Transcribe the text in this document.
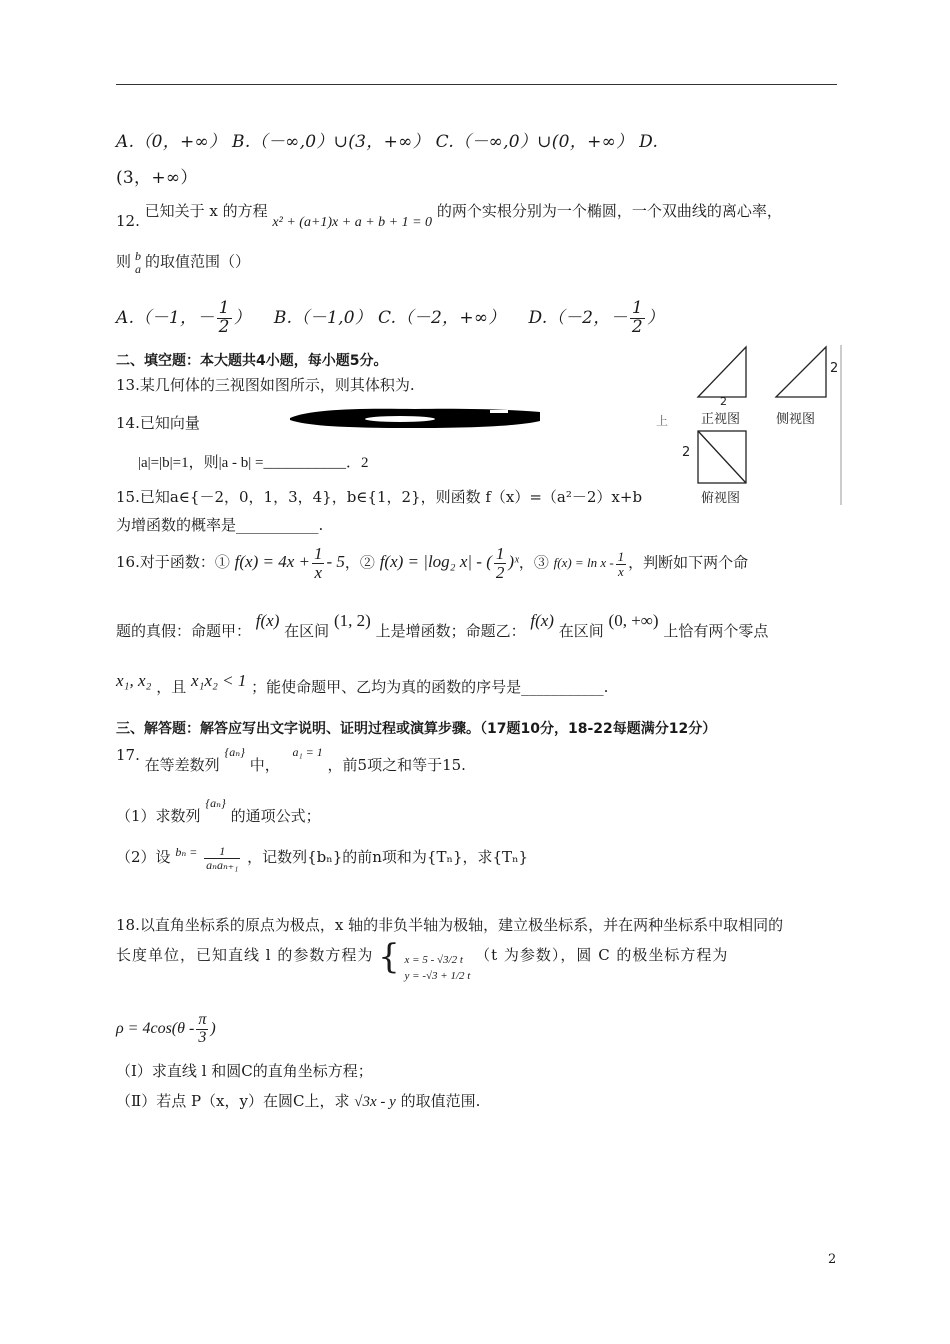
A.（0，+∞） B.（－∞,0）∪(3，+∞） C.（－∞,0）∪(0，+∞） D.
(3，+∞）
12. 已知关于 x 的方程 x² + (a+1)x + a + b + 1 = 0 的两个实根分别为一个椭圆，一个双曲线的离心率，
则 b
a 的取值范围（）
A.（－1，－ $\frac{1}{2}$ ） B.（－1,0） C.（－2，+∞） D.（－2，－ $\frac{1}{2}$ ）
二、填空题：本大题共4小题，每小题5分。
13.某几何体的三视图如图所示，则其体积为.
2
正视图	侧视图
2
2
俯视图
14.已知向量	上
|a|=|b|=1，则|a - b| =___________．2
15.已知a∈{－2，0，1，3，4}，b∈{1，2}，则函数 f（x）=（a²－2）x+b
为增函数的概率是___________.
16.对于函数：① $f(x) = 4x + \frac{1}{x} - 5$，② f(x) = |log₂ x| - ( $\frac{1}{2}$ )ˣ，③ $f(x) = \ln x - \frac{1}{x}$ ，判断如下两个命
题的真假：命题甲： f(x) 在区间 (1, 2) 上是增函数；命题乙： f(x) 在区间 (0, +∞) 上恰有两个零点
x₁, x₂ ，且 x₁x₂ < 1 ；能使命题甲、乙均为真的函数的序号是___________.
三、解答题：解答应写出文字说明、证明过程或演算步骤。（17题10分，18-22每题满分12分）
17. 在等差数列 $^{\{a_n\}}$ 中， $^{a_1 = 1}$ ，前5项之和等于15.
（1）求数列 $^{\{a_n\}}$ 的通项公式；
（2）设 $^{b_n =} \frac{1}{\text{aₙaₙ₊₁}}$ ，记数列{bₙ}的前n项和为{Tₙ}，求{Tₙ}
18.以直角坐标系的原点为极点，x 轴的非负半轴为极轴，建立极坐标系，并在两种坐标系中取相同的
长度单位，已知直线 l 的参数方程为 { x = 5 - √3/2 t
y = -√3 + 1/2 t
（t 为参数），圆 C 的极坐标方程为
$\rho = 4\cos(\theta - \frac{\pi}{3}$ )
（I）求直线 l 和圆C的直角坐标方程；
（Ⅱ）若点 P（x，y）在圆C上，求 √3x - y 的取值范围.
2
